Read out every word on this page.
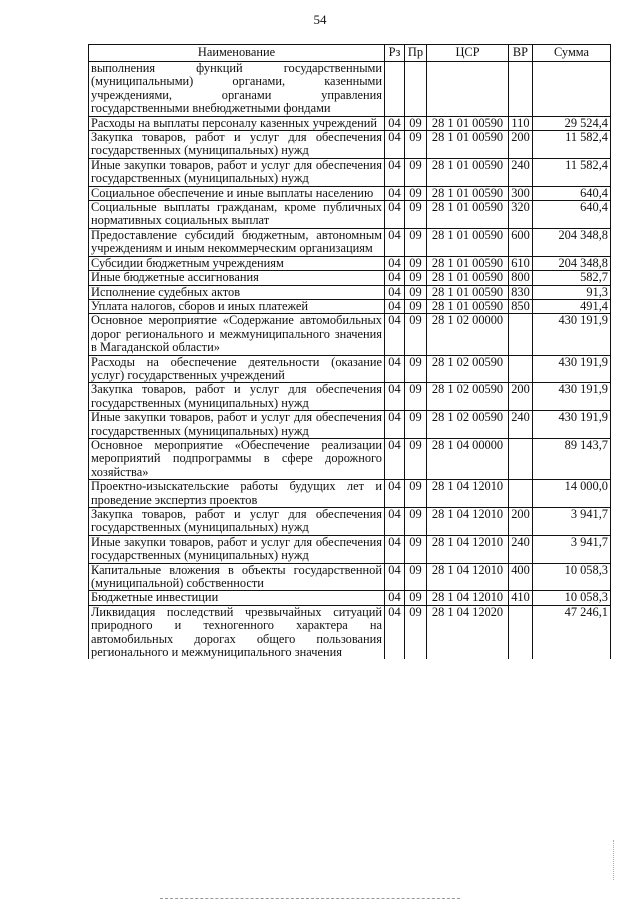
54
Наименование	Рз	Пр	ЦСР	ВР	Сумма
выполнения функций государственными (муниципальными) органами, казенными учреждениями, органами управления государственными внебюджетными фондами					
Расходы на выплаты персоналу казенных учреждений	04	09	28 1 01 00590	110	29 524,4
Закупка товаров, работ и услуг для обеспечения государственных (муниципальных) нужд	04	09	28 1 01 00590	200	11 582,4
Иные закупки товаров, работ и услуг для обеспечения государственных (муниципальных) нужд	04	09	28 1 01 00590	240	11 582,4
Социальное обеспечение и иные выплаты населению	04	09	28 1 01 00590	300	640,4
Социальные выплаты гражданам, кроме публичных нормативных социальных выплат	04	09	28 1 01 00590	320	640,4
Предоставление субсидий бюджетным, автономным учреждениям и иным некоммерческим организациям	04	09	28 1 01 00590	600	204 348,8
Субсидии бюджетным учреждениям	04	09	28 1 01 00590	610	204 348,8
Иные бюджетные ассигнования	04	09	28 1 01 00590	800	582,7
Исполнение судебных актов	04	09	28 1 01 00590	830	91,3
Уплата налогов, сборов и иных платежей	04	09	28 1 01 00590	850	491,4
Основное мероприятие «Содержание автомобильных дорог регионального и межмуниципального значения в Магаданской области»	04	09	28 1 02 00000		430 191,9
Расходы на обеспечение деятельности (оказание услуг) государственных учреждений	04	09	28 1 02 00590		430 191,9
Закупка товаров, работ и услуг для обеспечения государственных (муниципальных) нужд	04	09	28 1 02 00590	200	430 191,9
Иные закупки товаров, работ и услуг для обеспечения государственных (муниципальных) нужд	04	09	28 1 02 00590	240	430 191,9
Основное мероприятие «Обеспечение реализации мероприятий подпрограммы в сфере дорожного хозяйства»	04	09	28 1 04 00000		89 143,7
Проектно-изыскательские работы будущих лет и проведение экспертиз проектов	04	09	28 1 04 12010		14 000,0
Закупка товаров, работ и услуг для обеспечения государственных (муниципальных) нужд	04	09	28 1 04 12010	200	3 941,7
Иные закупки товаров, работ и услуг для обеспечения государственных (муниципальных) нужд	04	09	28 1 04 12010	240	3 941,7
Капитальные вложения в объекты государственной (муниципальной) собственности	04	09	28 1 04 12010	400	10 058,3
Бюджетные инвестиции	04	09	28 1 04 12010	410	10 058,3
Ликвидация последствий чрезвычайных ситуаций природного и техногенного характера на автомобильных дорогах общего пользования регионального и межмуниципального значения	04	09	28 1 04 12020		47 246,1
